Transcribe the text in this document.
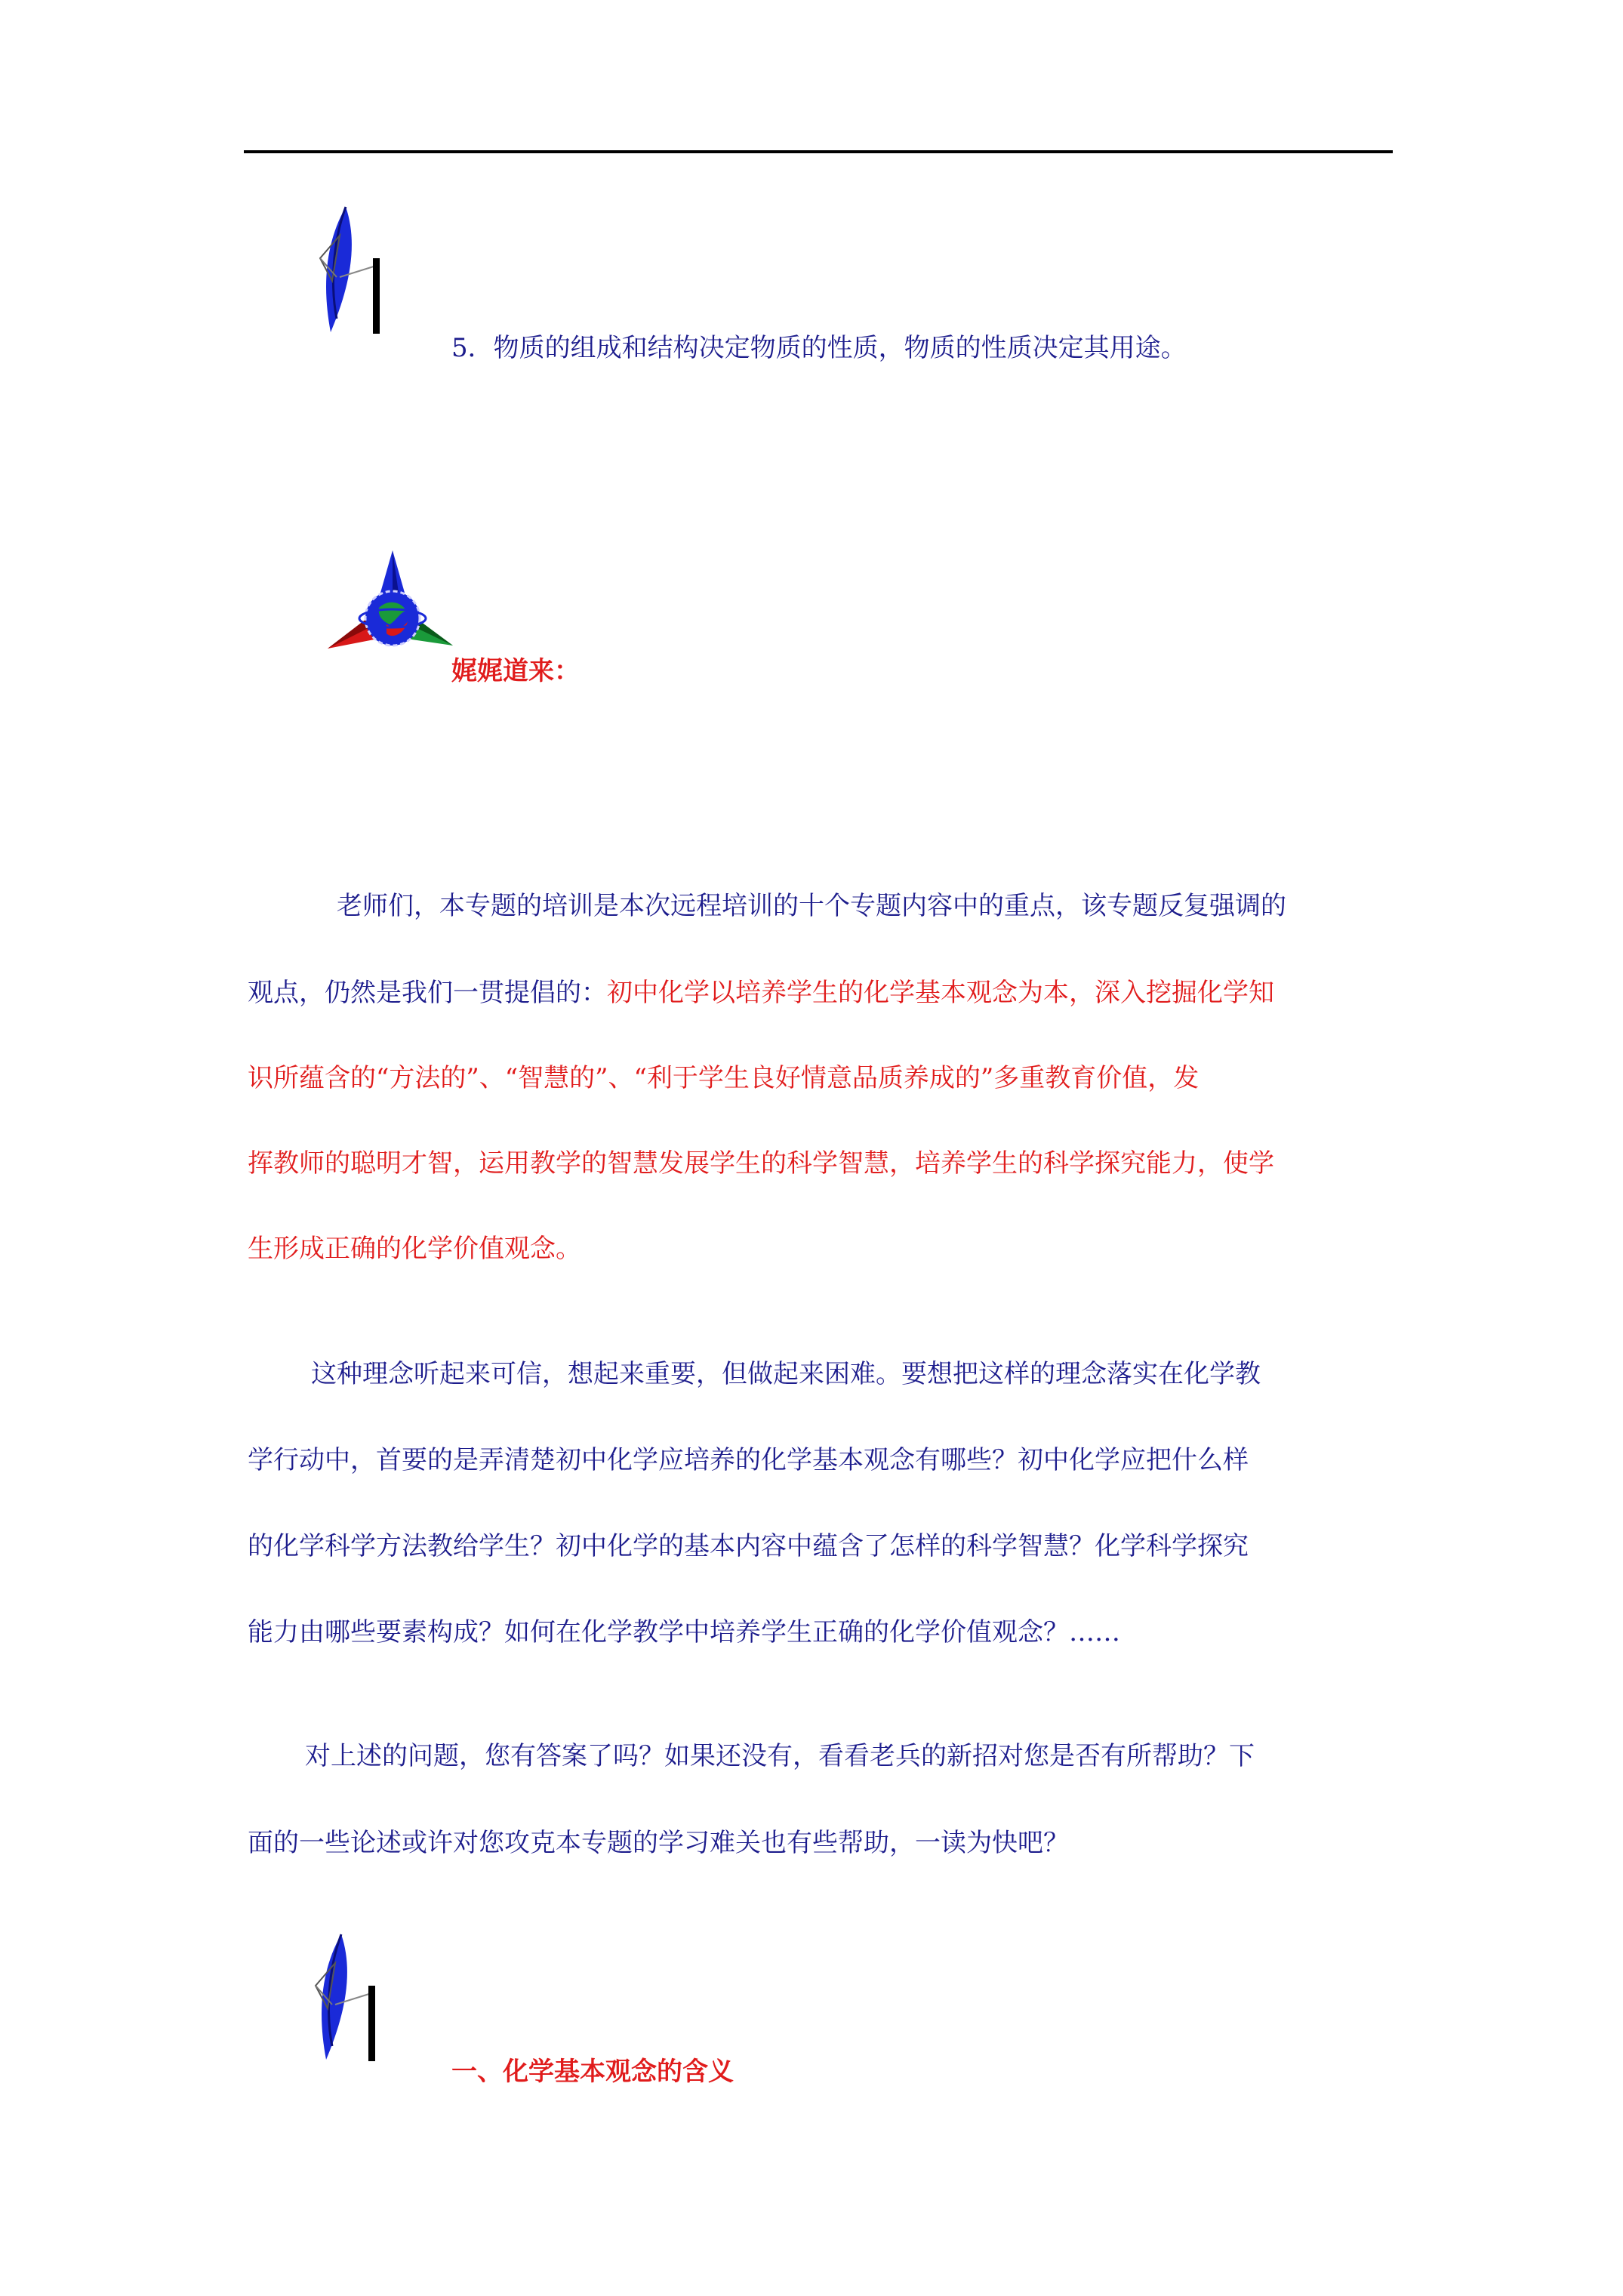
5．物质的组成和结构决定物质的性质，物质的性质决定其用途。
娓娓道来：
老师们，本专题的培训是本次远程培训的十个专题内容中的重点，该专题反复强调的
观点，仍然是我们一贯提倡的：初中化学以培养学生的化学基本观念为本，深入挖掘化学知
识所蕴含的“方法的”、“智慧的”、“利于学生良好情意品质养成的”多重教育价值，发
挥教师的聪明才智，运用教学的智慧发展学生的科学智慧，培养学生的科学探究能力，使学
生形成正确的化学价值观念。
这种理念听起来可信，想起来重要，但做起来困难。要想把这样的理念落实在化学教
学行动中，首要的是弄清楚初中化学应培养的化学基本观念有哪些？初中化学应把什么样
的化学科学方法教给学生？初中化学的基本内容中蕴含了怎样的科学智慧？化学科学探究
能力由哪些要素构成？如何在化学教学中培养学生正确的化学价值观念？……
对上述的问题，您有答案了吗？如果还没有，看看老兵的新招对您是否有所帮助？下
面的一些论述或许对您攻克本专题的学习难关也有些帮助，一读为快吧？
一、化学基本观念的含义
